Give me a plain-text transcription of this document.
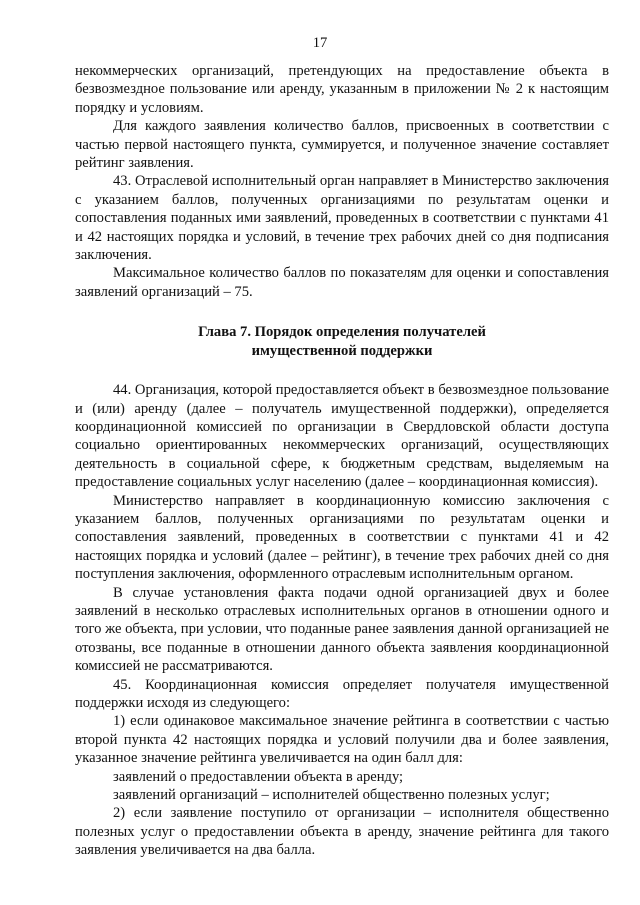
17

некоммерческих организаций, претендующих на предоставление объекта в безвозмездное пользование или аренду, указанным в приложении № 2 к настоящим порядку и условиям.

Для каждого заявления количество баллов, присвоенных в соответствии с частью первой настоящего пункта, суммируется, и полученное значение составляет рейтинг заявления.

43. Отраслевой исполнительный орган направляет в Министерство заключения с указанием баллов, полученных организациями по результатам оценки и сопоставления поданных ими заявлений, проведенных в соответствии с пунктами 41 и 42 настоящих порядка и условий, в течение трех рабочих дней со дня подписания заключения.

Максимальное количество баллов по показателям для оценки и сопоставления заявлений организаций – 75.

Глава 7. Порядок определения получателей
имущественной поддержки

44. Организация, которой предоставляется объект в безвозмездное пользование и (или) аренду (далее – получатель имущественной поддержки), определяется координационной комиссией по организации в Свердловской области доступа социально ориентированных некоммерческих организаций, осуществляющих деятельность в социальной сфере, к бюджетным средствам, выделяемым на предоставление социальных услуг населению (далее – координационная комиссия).

Министерство направляет в координационную комиссию заключения с указанием баллов, полученных организациями по результатам оценки и сопоставления заявлений, проведенных в соответствии с пунктами 41 и 42 настоящих порядка и условий (далее – рейтинг), в течение трех рабочих дней со дня поступления заключения, оформленного отраслевым исполнительным органом.

В случае установления факта подачи одной организацией двух и более заявлений в несколько отраслевых исполнительных органов в отношении одного и того же объекта, при условии, что поданные ранее заявления данной организацией не отозваны, все поданные в отношении данного объекта заявления координационной комиссией не рассматриваются.

45. Координационная комиссия определяет получателя имущественной поддержки исходя из следующего:

1) если одинаковое максимальное значение рейтинга в соответствии с частью второй пункта 42 настоящих порядка и условий получили два и более заявления, указанное значение рейтинга увеличивается на один балл для:

заявлений о предоставлении объекта в аренду;

заявлений организаций – исполнителей общественно полезных услуг;

2) если заявление поступило от организации – исполнителя общественно полезных услуг о предоставлении объекта в аренду, значение рейтинга для такого заявления увеличивается на два балла.
